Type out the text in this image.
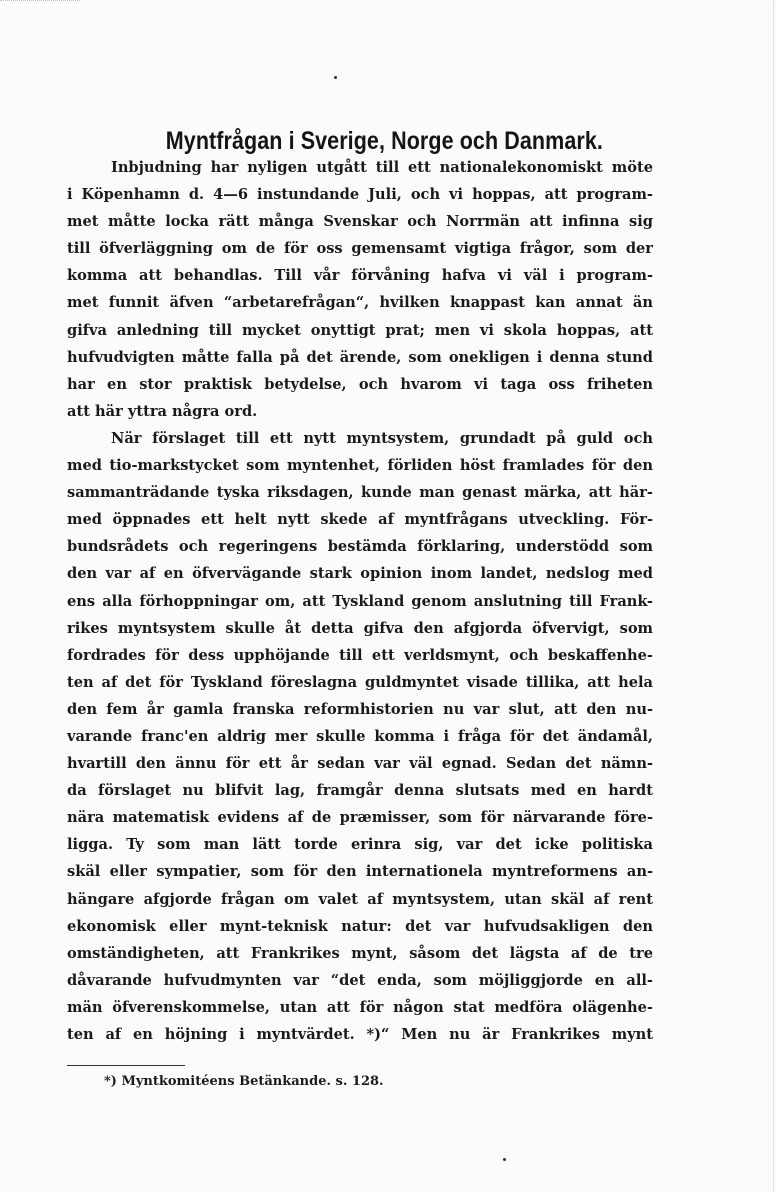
Myntfrågan i Sverige, Norge och Danmark.
Inbjudning har nyligen utgått till ett nationalekonomiskt möte
i Köpenhamn d. 4—6 instundande Juli, och vi hoppas, att program-
met måtte locka rätt många Svenskar och Norrmän att infinna sig
till öfverläggning om de för oss gemensamt vigtiga frågor, som der
komma att behandlas. Till vår förvåning hafva vi väl i program-
met funnit äfven “arbetarefrågan“, hvilken knappast kan annat än
gifva anledning till mycket onyttigt prat; men vi skola hoppas, att
hufvudvigten måtte falla på det ärende, som onekligen i denna stund
har en stor praktisk betydelse, och hvarom vi taga oss friheten
att här yttra några ord.
När förslaget till ett nytt myntsystem, grundadt på guld och
med tio-markstycket som myntenhet, förliden höst framlades för den
sammanträdande tyska riksdagen, kunde man genast märka, att här-
med öppnades ett helt nytt skede af myntfrågans utveckling. För-
bundsrådets och regeringens bestämda förklaring, understödd som
den var af en öfvervägande stark opinion inom landet, nedslog med
ens alla förhoppningar om, att Tyskland genom anslutning till Frank-
rikes myntsystem skulle åt detta gifva den afgjorda öfvervigt, som
fordrades för dess upphöjande till ett verldsmynt, och beskaffenhe-
ten af det för Tyskland föreslagna guldmyntet visade tillika, att hela
den fem år gamla franska reformhistorien nu var slut, att den nu-
varande franc'en aldrig mer skulle komma i fråga för det ändamål,
hvartill den ännu för ett år sedan var väl egnad. Sedan det nämn-
da förslaget nu blifvit lag, framgår denna slutsats med en hardt
nära matematisk evidens af de præmisser, som för närvarande före-
ligga. Ty som man lätt torde erinra sig, var det icke politiska
skäl eller sympatier, som för den internationela myntreformens an-
hängare afgjorde frågan om valet af myntsystem, utan skäl af rent
ekonomisk eller mynt-teknisk natur: det var hufvudsakligen den
omständigheten, att Frankrikes mynt, såsom det lägsta af de tre
dåvarande hufvudmynten var “det enda, som möjliggjorde en all-
män öfverenskommelse, utan att för någon stat medföra olägenhe-
ten af en höjning i myntvärdet. *)“ Men nu är Frankrikes mynt
*) Myntkomitéens Betänkande. s. 128.
